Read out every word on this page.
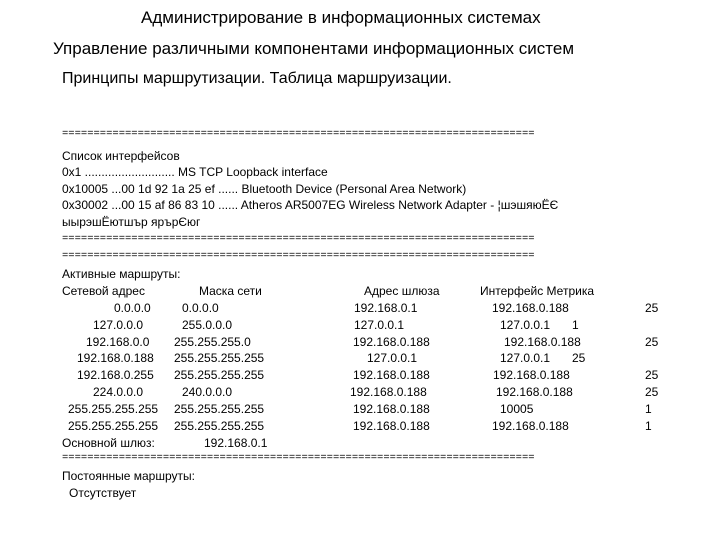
Администрирование в информационных системах
Управление различными компонентами информационных систем
Принципы маршрутизации. Таблица маршруизации.
===========================================================================
Список интерфейсов
0x1 ........................... MS TCP Loopback interface
0x10005 ...00 1d 92 1a 25 ef ...... Bluetooth Device (Personal Area Network)
0x30002 ...00 15 af 86 83 10 ...... Atheros AR5007EG Wireless Network Adapter - ¦шэшяюЁЄ
ыырэшЁютшър ярърЄюг
===========================================================================
===========================================================================
Активные маршруты:
Сетевой адрес	Маска сети	Адрес шлюза	Интерфейс Метрика
0.0.0.0	0.0.0.0	192.168.0.1	192.168.0.188	25
127.0.0.0	255.0.0.0	127.0.0.1	127.0.0.1 1
192.168.0.0 255.255.255.0	192.168.0.188	192.168.0.188	25
192.168.0.188 255.255.255.255	127.0.0.1	127.0.0.1 25
192.168.0.255 255.255.255.255	192.168.0.188	192.168.0.188	25
224.0.0.0	240.0.0.0	192.168.0.188	192.168.0.188	25
255.255.255.255 255.255.255.255	192.168.0.188	10005	1
255.255.255.255 255.255.255.255	192.168.0.188	192.168.0.188	1
Основной шлюз:	192.168.0.1
===========================================================================
Постоянные маршруты:
Отсутствует
